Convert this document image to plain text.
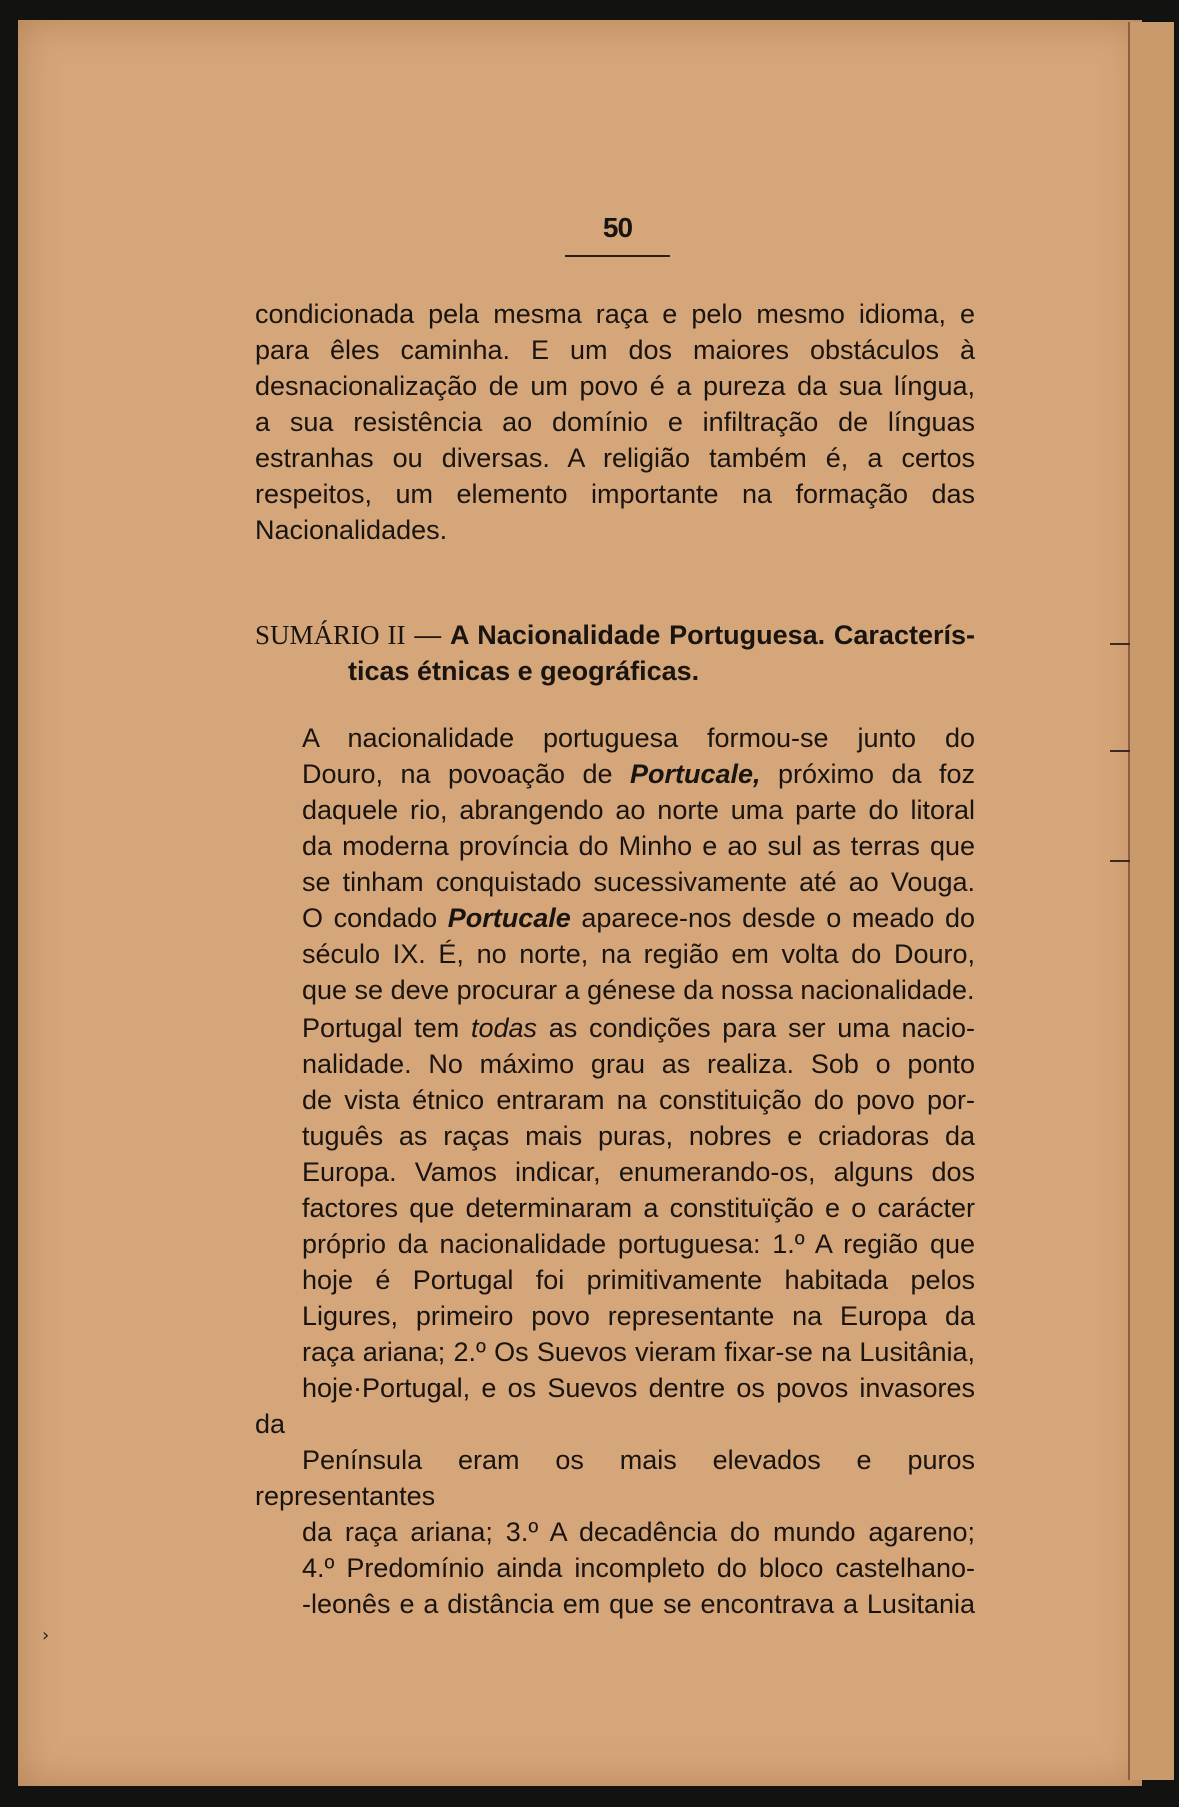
›
50
condicionada pela mesma raça e pelo mesmo idioma, e
para êles caminha. E um dos maiores obstáculos à
desnacionalização de um povo é a pureza da sua língua,
a sua resistência ao domínio e infiltração de línguas
estranhas ou diversas. A religião também é, a certos
respeitos, um elemento importante na formação das
Nacionalidades.
SUMÁRIO II — A Nacionalidade Portuguesa. Caracterís-
ticas étnicas e geográficas.
A nacionalidade portuguesa formou-se junto do
Douro, na povoação de Portucale, próximo da foz
daquele rio, abrangendo ao norte uma parte do litoral
da moderna província do Minho e ao sul as terras que
se tinham conquistado sucessivamente até ao Vouga.
O condado Portucale aparece-nos desde o meado do
século IX. É, no norte, na região em volta do Douro,
que se deve procurar a génese da nossa nacionalidade.
Portugal tem todas as condições para ser uma nacio-
nalidade. No máximo grau as realiza. Sob o ponto
de vista étnico entraram na constituição do povo por-
tuguês as raças mais puras, nobres e criadoras da
Europa. Vamos indicar, enumerando-os, alguns dos
factores que determinaram a constituïção e o carácter
próprio da nacionalidade portuguesa: 1.º A região que
hoje é Portugal foi primitivamente habitada pelos
Ligures, primeiro povo representante na Europa da
raça ariana; 2.º Os Suevos vieram fixar-se na Lusitânia,
hoje·Portugal, e os Suevos dentre os povos invasores da
Península eram os mais elevados e puros representantes
da raça ariana; 3.º A decadência do mundo agareno;
4.º Predomínio ainda incompleto do bloco castelhano-
-leonês e a distância em que se encontrava a Lusitania
